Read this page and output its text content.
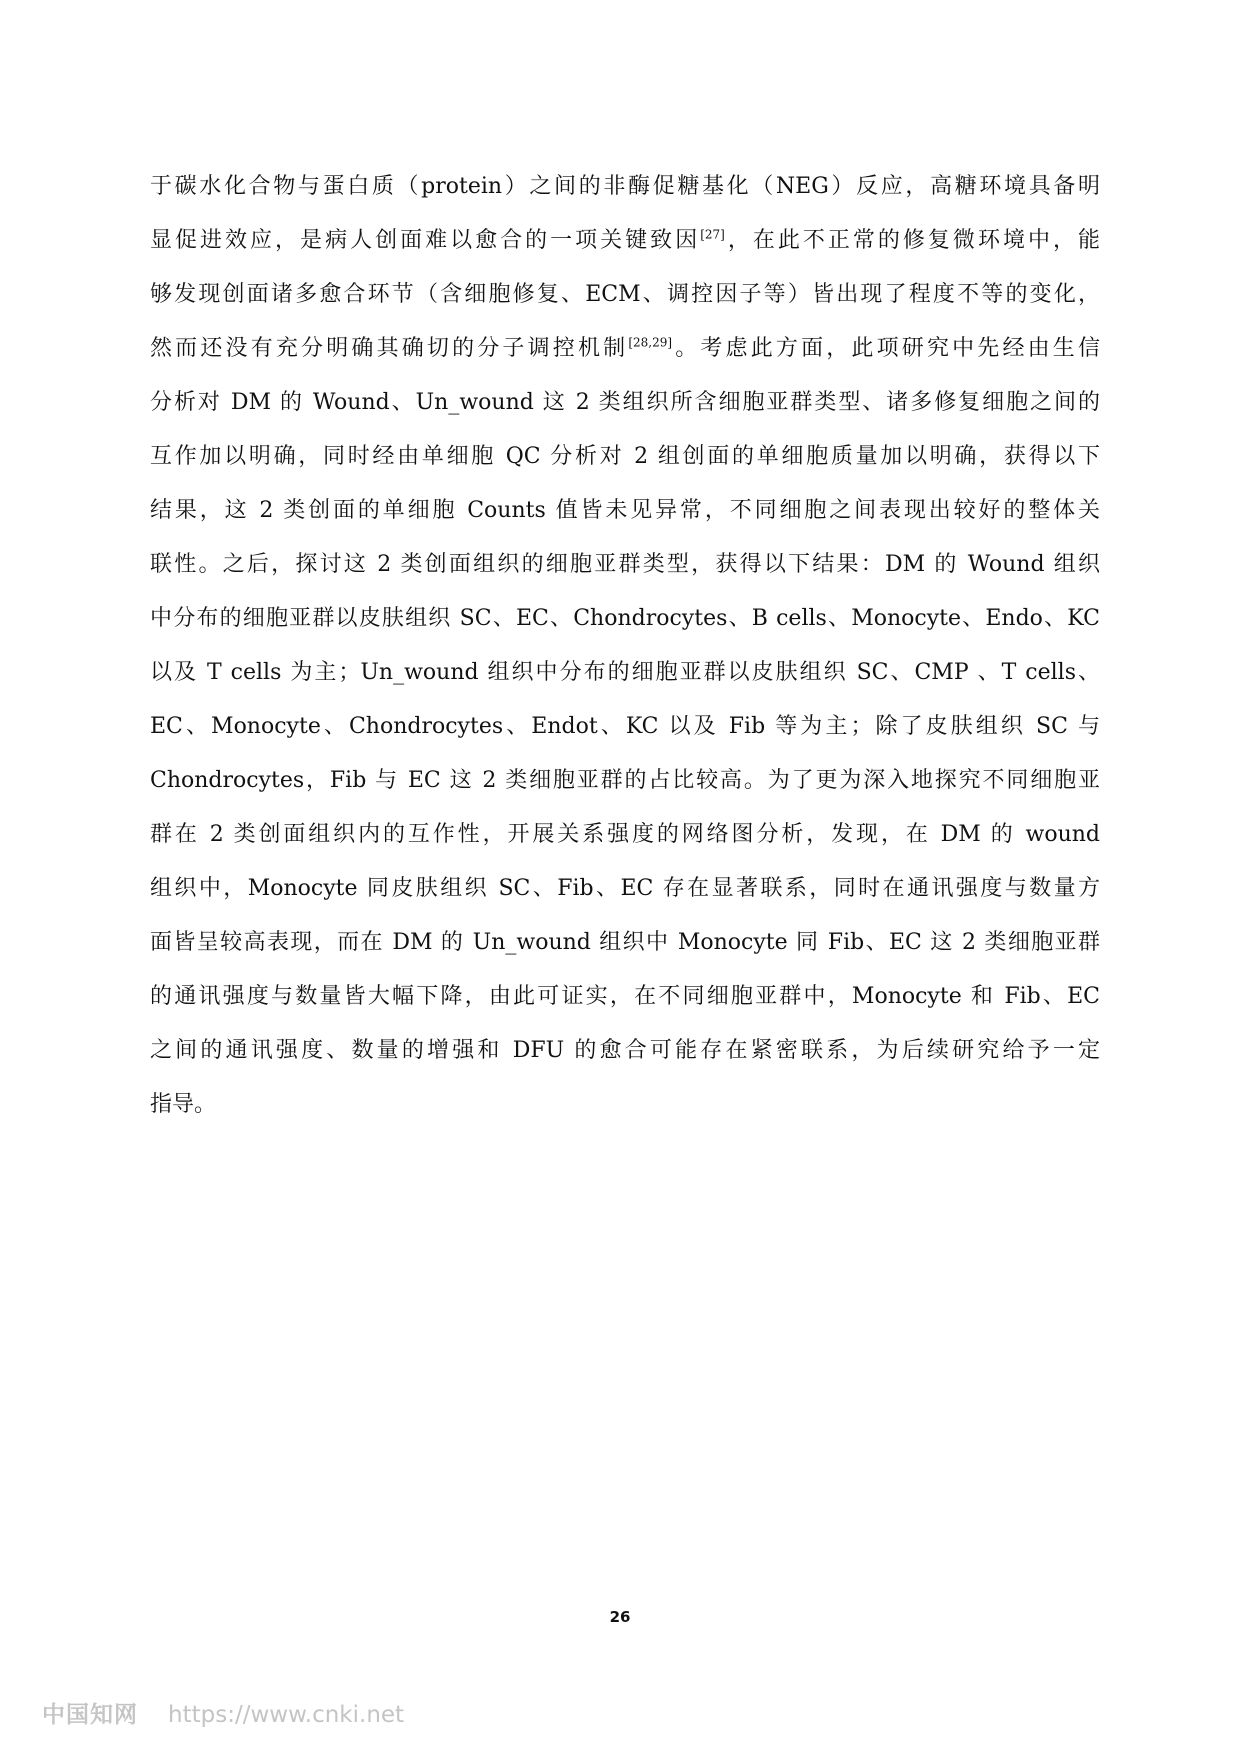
于碳水化合物与蛋白质（protein）之间的非酶促糖基化（NEG）反应，高糖环境具备明
显促进效应，是病人创面难以愈合的一项关键致因[27]，在此不正常的修复微环境中，能
够发现创面诸多愈合环节（含细胞修复、ECM、调控因子等）皆出现了程度不等的变化，
然而还没有充分明确其确切的分子调控机制[28,29]。考虑此方面，此项研究中先经由生信
分析对 DM 的 Wound、Un_wound 这 2 类组织所含细胞亚群类型、诸多修复细胞之间的
互作加以明确，同时经由单细胞 QC 分析对 2 组创面的单细胞质量加以明确，获得以下
结果，这 2 类创面的单细胞 Counts 值皆未见异常，不同细胞之间表现出较好的整体关
联性。之后，探讨这 2 类创面组织的细胞亚群类型，获得以下结果：DM 的 Wound 组织
中分布的细胞亚群以皮肤组织 SC、EC、Chondrocytes、B cells、Monocyte、Endo、KC
以及 T cells 为主；Un_wound 组织中分布的细胞亚群以皮肤组织 SC、CMP 、T cells、
EC、Monocyte、Chondrocytes、Endot、KC 以及 Fib 等为主；除了皮肤组织 SC 与
Chondrocytes，Fib 与 EC 这 2 类细胞亚群的占比较高。为了更为深入地探究不同细胞亚
群在 2 类创面组织内的互作性，开展关系强度的网络图分析，发现，在 DM 的 wound
组织中，Monocyte 同皮肤组织 SC、Fib、EC 存在显著联系，同时在通讯强度与数量方
面皆呈较高表现，而在 DM 的 Un_wound 组织中 Monocyte 同 Fib、EC 这 2 类细胞亚群
的通讯强度与数量皆大幅下降，由此可证实，在不同细胞亚群中，Monocyte 和 Fib、EC
之间的通讯强度、数量的增强和 DFU 的愈合可能存在紧密联系，为后续研究给予一定
指导。
26
中国知网 https://www.cnki.net
